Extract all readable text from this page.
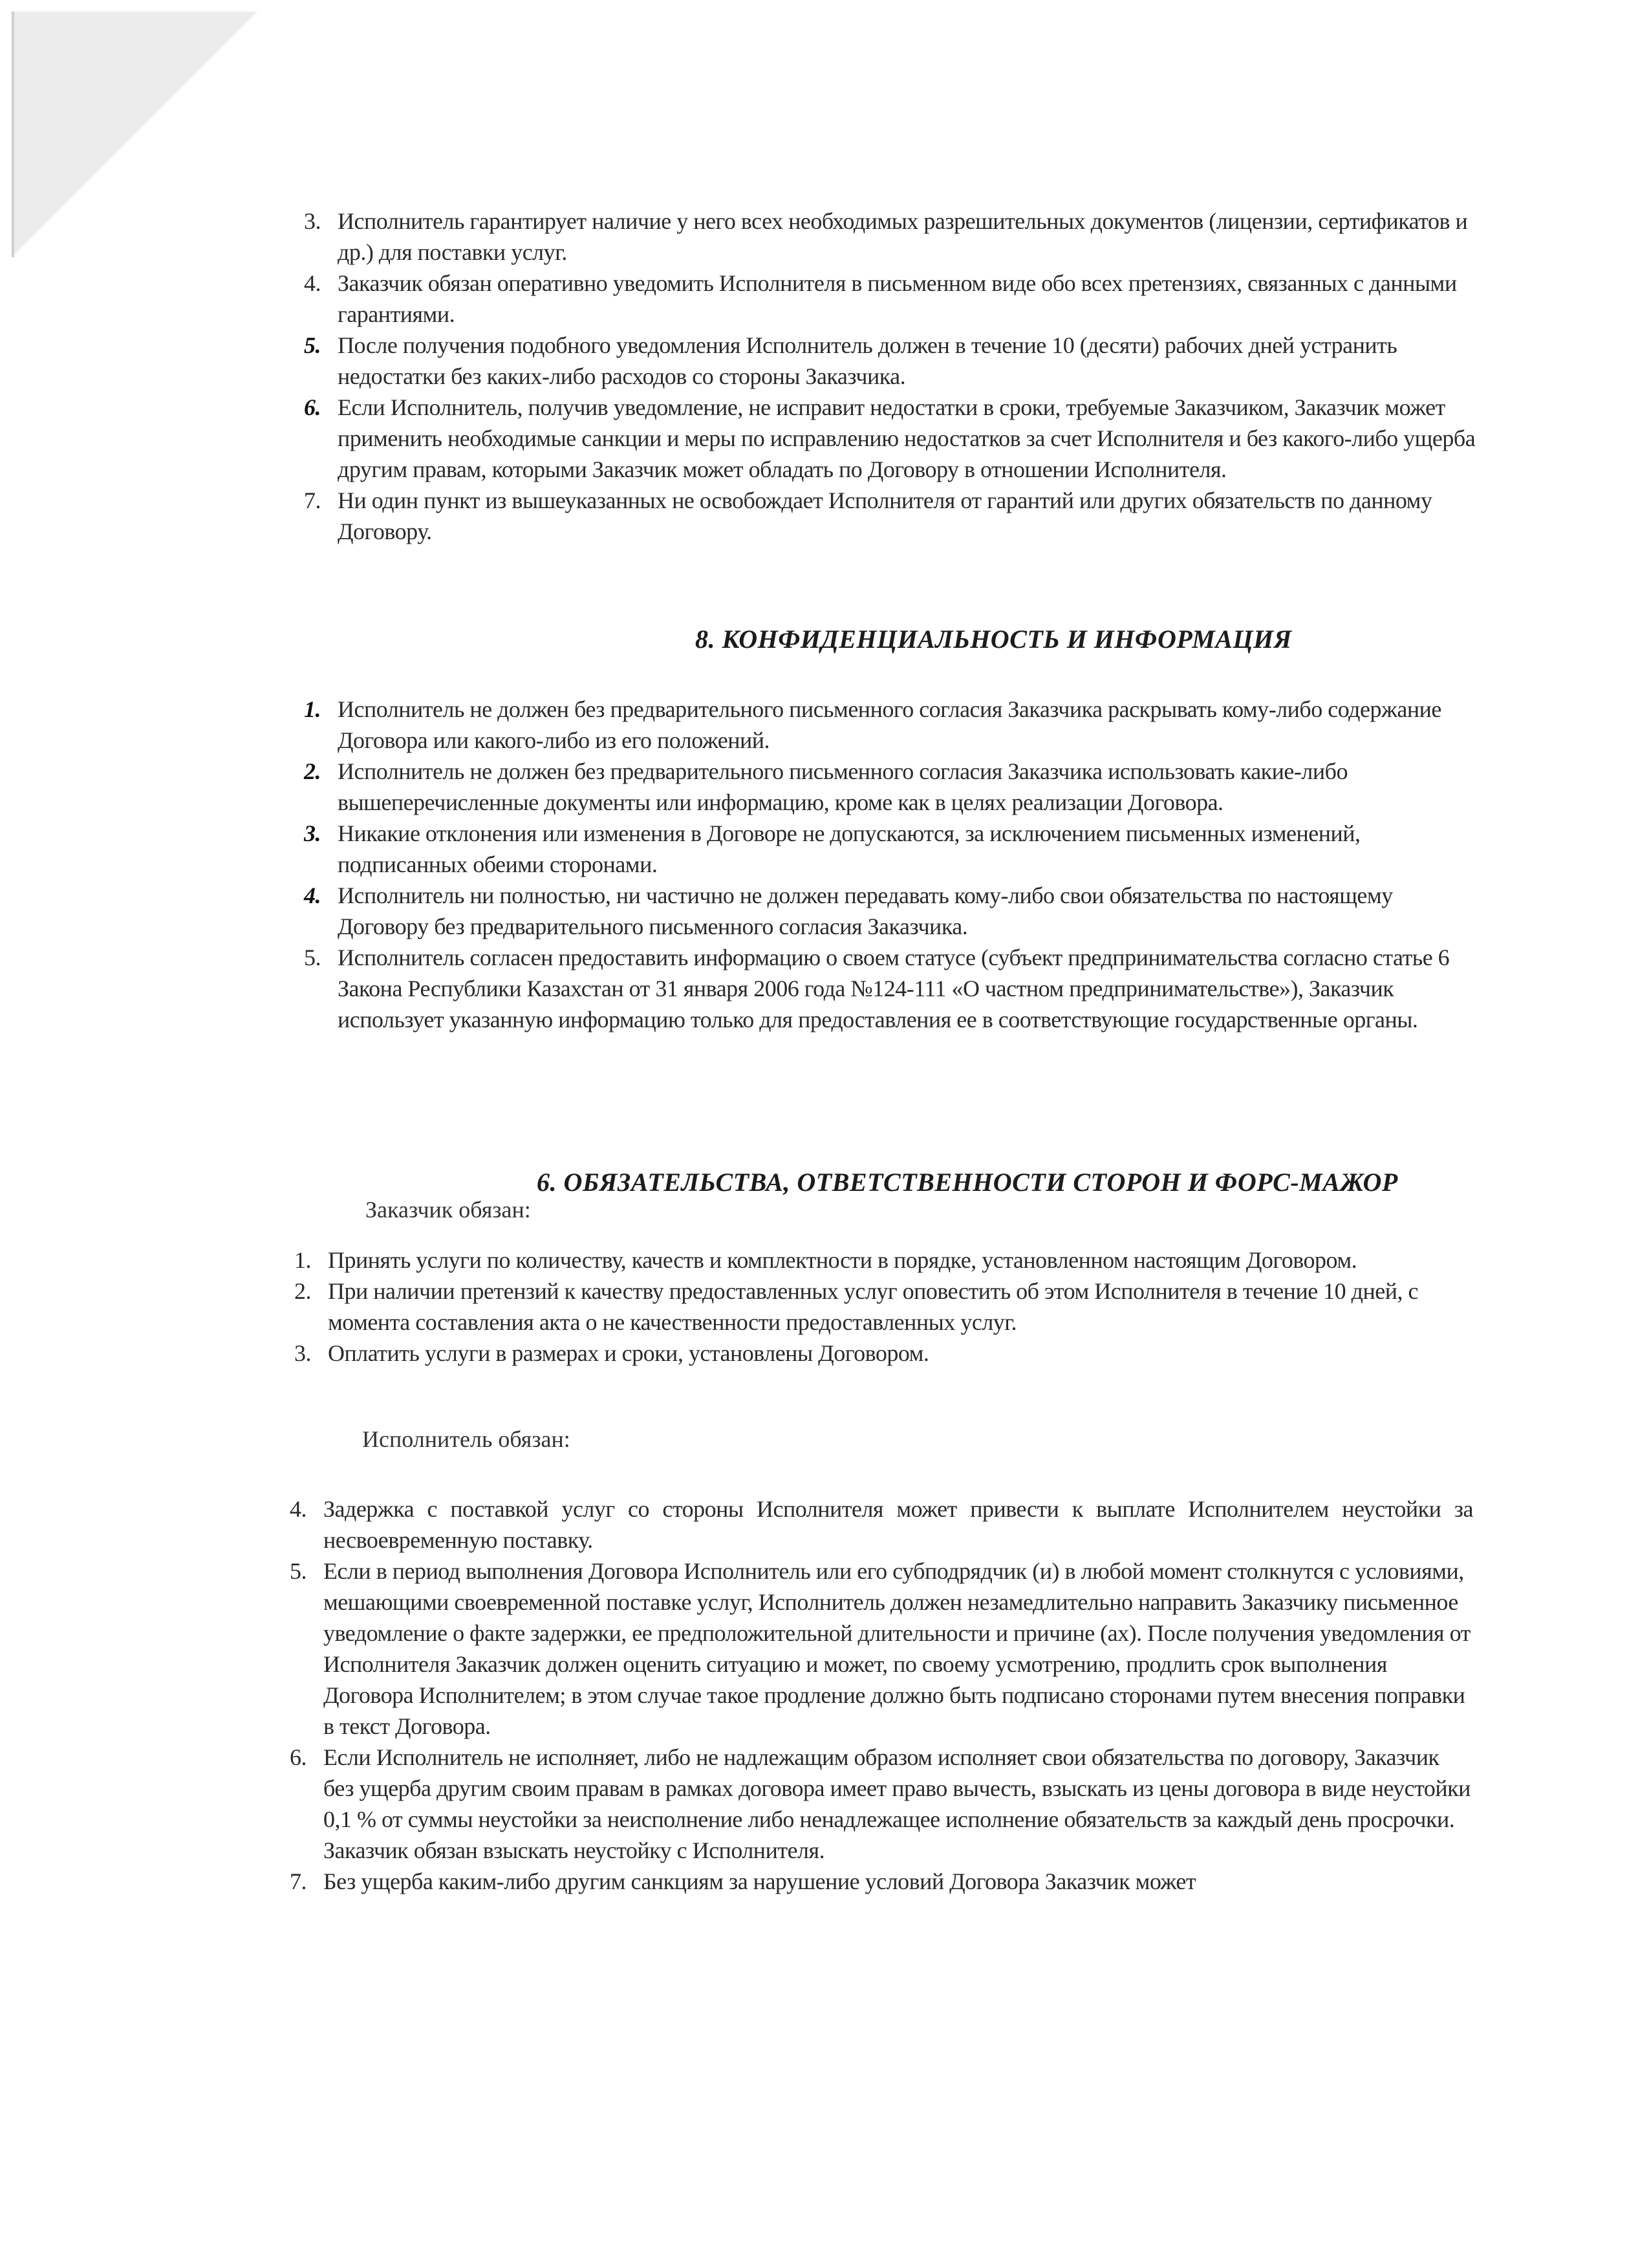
3. Исполнитель гарантирует наличие у него всех необходимых разрешительных документов (лицензии, сертификатов и др.) для поставки услуг.
4. Заказчик обязан оперативно уведомить Исполнителя в письменном виде обо всех претензиях, связанных с данными гарантиями.
5. После получения подобного уведомления Исполнитель должен в течение 10 (десяти) рабочих дней устранить недостатки без каких-либо расходов со стороны Заказчика.
6. Если Исполнитель, получив уведомление, не исправит недостатки в сроки, требуемые Заказчиком, Заказчик может применить необходимые санкции и меры по исправлению недостатков за счет Исполнителя и без какого-либо ущерба другим правам, которыми Заказчик может обладать по Договору в отношении Исполнителя.
7. Ни один пункт из вышеуказанных не освобождает Исполнителя от гарантий или других обязательств по данному Договору.
8. КОНФИДЕНЦИАЛЬНОСТЬ И ИНФОРМАЦИЯ
1. Исполнитель не должен без предварительного письменного согласия Заказчика раскрывать кому-либо содержание Договора или какого-либо из его положений.
2. Исполнитель не должен без предварительного письменного согласия Заказчика использовать какие-либо вышеперечисленные документы или информацию, кроме как в целях реализации Договора.
3. Никакие отклонения или изменения в Договоре не допускаются, за исключением письменных изменений, подписанных обеими сторонами.
4. Исполнитель ни полностью, ни частично не должен передавать кому-либо свои обязательства по настоящему Договору без предварительного письменного согласия Заказчика.
5. Исполнитель согласен предоставить информацию о своем статусе (субъект предпринимательства согласно статье 6 Закона Республики Казахстан от 31 января 2006 года №124-111 «О частном предпринимательстве»), Заказчик использует указанную информацию только для предоставления ее в соответствующие государственные органы.
6. ОБЯЗАТЕЛЬСТВА, ОТВЕТСТВЕННОСТИ СТОРОН И ФОРС-МАЖОР
Заказчик обязан:
1. Принять услуги по количеству, качеств и комплектности в порядке, установленном настоящим Договором.
2. При наличии претензий к качеству предоставленных услуг оповестить об этом Исполнителя в течение 10 дней, с момента составления акта о не качественности предоставленных услуг.
3. Оплатить услуги в размерах и сроки, установлены Договором.
Исполнитель обязан:
4. Задержка с поставкой услуг со стороны Исполнителя может привести к выплате Исполнителем неустойки за несвоевременную поставку.
5. Если в период выполнения Договора Исполнитель или его субподрядчик (и) в любой момент столкнутся с условиями, мешающими своевременной поставке услуг, Исполнитель должен незамедлительно направить Заказчику письменное уведомление о факте задержки, ее предположительной длительности и причине (ах). После получения уведомления от Исполнителя Заказчик должен оценить ситуацию и может, по своему усмотрению, продлить срок выполнения Договора Исполнителем; в этом случае такое продление должно быть подписано сторонами путем внесения поправки в текст Договора.
6. Если Исполнитель не исполняет, либо не надлежащим образом исполняет свои обязательства по договору, Заказчик без ущерба другим своим правам в рамках договора имеет право вычесть, взыскать из цены договора в виде неустойки 0,1 % от суммы неустойки за неисполнение либо ненадлежащее исполнение обязательств за каждый день просрочки. Заказчик обязан взыскать неустойку с Исполнителя.
7. Без ущерба каким-либо другим санкциям за нарушение условий Договора Заказчик может
